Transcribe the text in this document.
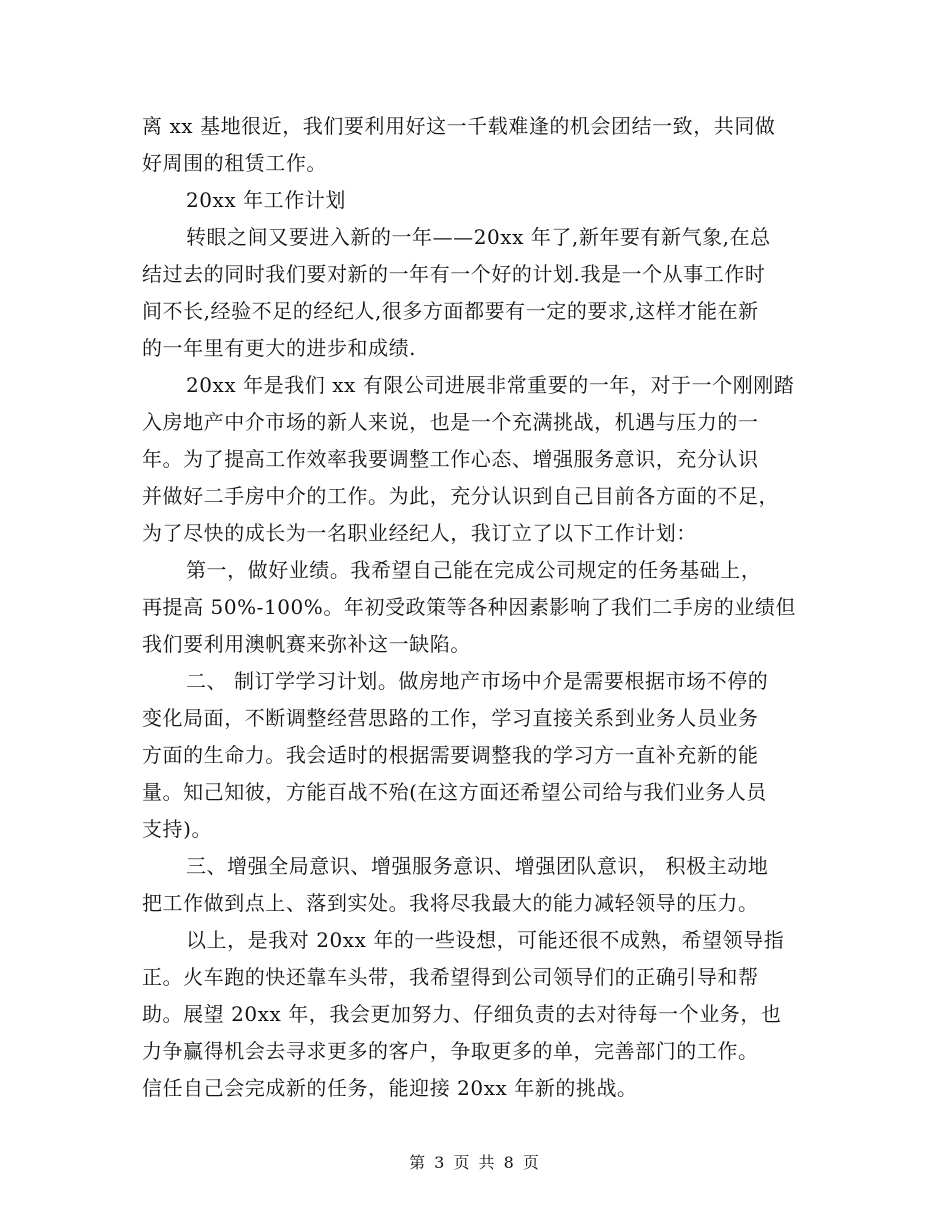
离 xx 基地很近，我们要利用好这一千载难逢的机会团结一致，共同做
好周围的租赁工作。
20xx 年工作计划
转眼之间又要进入新的一年——20xx 年了,新年要有新气象,在总
结过去的同时我们要对新的一年有一个好的计划.我是一个从事工作时
间不长,经验不足的经纪人,很多方面都要有一定的要求,这样才能在新
的一年里有更大的进步和成绩.
20xx 年是我们 xx 有限公司进展非常重要的一年，对于一个刚刚踏
入房地产中介市场的新人来说，也是一个充满挑战，机遇与压力的一
年。为了提高工作效率我要调整工作心态、增强服务意识，充分认识
并做好二手房中介的工作。为此，充分认识到自己目前各方面的不足，
为了尽快的成长为一名职业经纪人，我订立了以下工作计划：
第一，做好业绩。我希望自己能在完成公司规定的任务基础上，
再提高 50%-100%。年初受政策等各种因素影响了我们二手房的业绩但
我们要利用澳帆赛来弥补这一缺陷。
二、 制订学学习计划。做房地产市场中介是需要根据市场不停的
变化局面，不断调整经营思路的工作，学习直接关系到业务人员业务
方面的生命力。我会适时的根据需要调整我的学习方一直补充新的能
量。知己知彼，方能百战不殆(在这方面还希望公司给与我们业务人员
支持)。
三、增强全局意识、增强服务意识、增强团队意识， 积极主动地
把工作做到点上、落到实处。我将尽我最大的能力减轻领导的压力。
以上，是我对 20xx 年的一些设想，可能还很不成熟，希望领导指
正。火车跑的快还靠车头带，我希望得到公司领导们的正确引导和帮
助。展望 20xx 年，我会更加努力、仔细负责的去对待每一个业务，也
力争赢得机会去寻求更多的客户，争取更多的单，完善部门的工作。
信任自己会完成新的任务，能迎接 20xx 年新的挑战。
第 3 页 共 8 页
